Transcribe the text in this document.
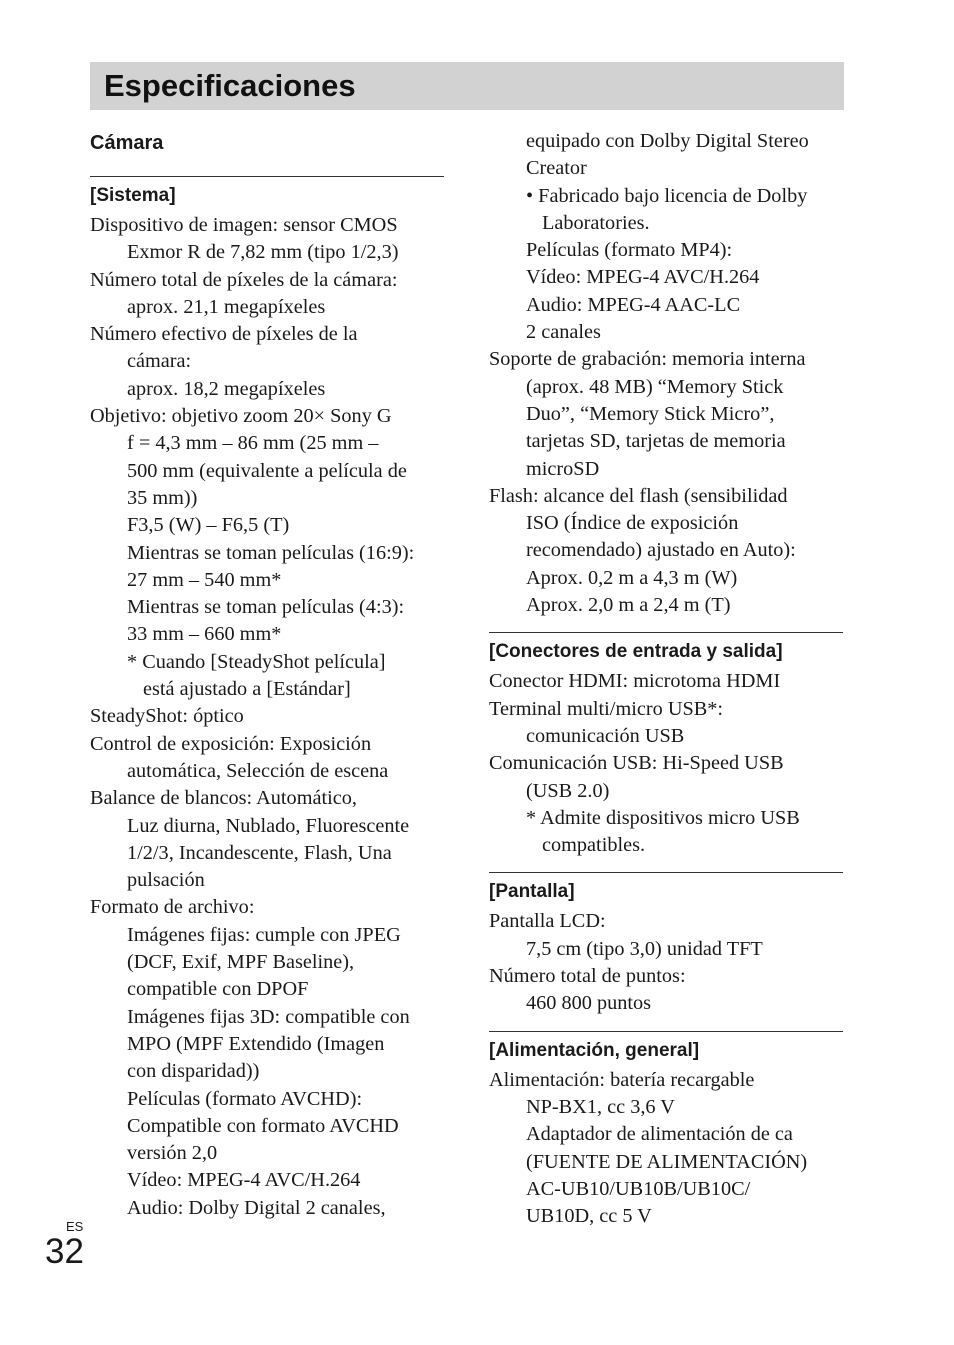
Especificaciones
Cámara
[Sistema]
Dispositivo de imagen: sensor CMOS
Exmor R de 7,82 mm (tipo 1/2,3)
Número total de píxeles de la cámara:
aprox. 21,1 megapíxeles
Número efectivo de píxeles de la
cámara:
aprox. 18,2 megapíxeles
Objetivo: objetivo zoom 20× Sony G
f = 4,3 mm – 86 mm (25 mm –
500 mm (equivalente a película de
35 mm))
F3,5 (W) – F6,5 (T)
Mientras se toman películas (16:9):
27 mm – 540 mm*
Mientras se toman películas (4:3):
33 mm – 660 mm*
* Cuando [SteadyShot película]
está ajustado a [Estándar]
SteadyShot: óptico
Control de exposición: Exposición
automática, Selección de escena
Balance de blancos: Automático,
Luz diurna, Nublado, Fluorescente
1/2/3, Incandescente, Flash, Una
pulsación
Formato de archivo:
Imágenes fijas: cumple con JPEG
(DCF, Exif, MPF Baseline),
compatible con DPOF
Imágenes fijas 3D: compatible con
MPO (MPF Extendido (Imagen
con disparidad))
Películas (formato AVCHD):
Compatible con formato AVCHD
versión 2,0
Vídeo: MPEG-4 AVC/H.264
Audio: Dolby Digital 2 canales,
equipado con Dolby Digital Stereo
Creator
• Fabricado bajo licencia de Dolby
Laboratories.
Películas (formato MP4):
Vídeo: MPEG-4 AVC/H.264
Audio: MPEG-4 AAC-LC
2 canales
Soporte de grabación: memoria interna
(aprox. 48 MB) “Memory Stick
Duo”, “Memory Stick Micro”,
tarjetas SD, tarjetas de memoria
microSD
Flash: alcance del flash (sensibilidad
ISO (Índice de exposición
recomendado) ajustado en Auto):
Aprox. 0,2 m a 4,3 m (W)
Aprox. 2,0 m a 2,4 m (T)
[Conectores de entrada y salida]
Conector HDMI: microtoma HDMI
Terminal multi/micro USB*:
comunicación USB
Comunicación USB: Hi-Speed USB
(USB 2.0)
* Admite dispositivos micro USB
compatibles.
[Pantalla]
Pantalla LCD:
7,5 cm (tipo 3,0) unidad TFT
Número total de puntos:
460 800 puntos
[Alimentación, general]
Alimentación: batería recargable
NP-BX1, cc 3,6 V
Adaptador de alimentación de ca
(FUENTE DE ALIMENTACIÓN)
AC-UB10/UB10B/UB10C/
UB10D, cc 5 V
ES
32
